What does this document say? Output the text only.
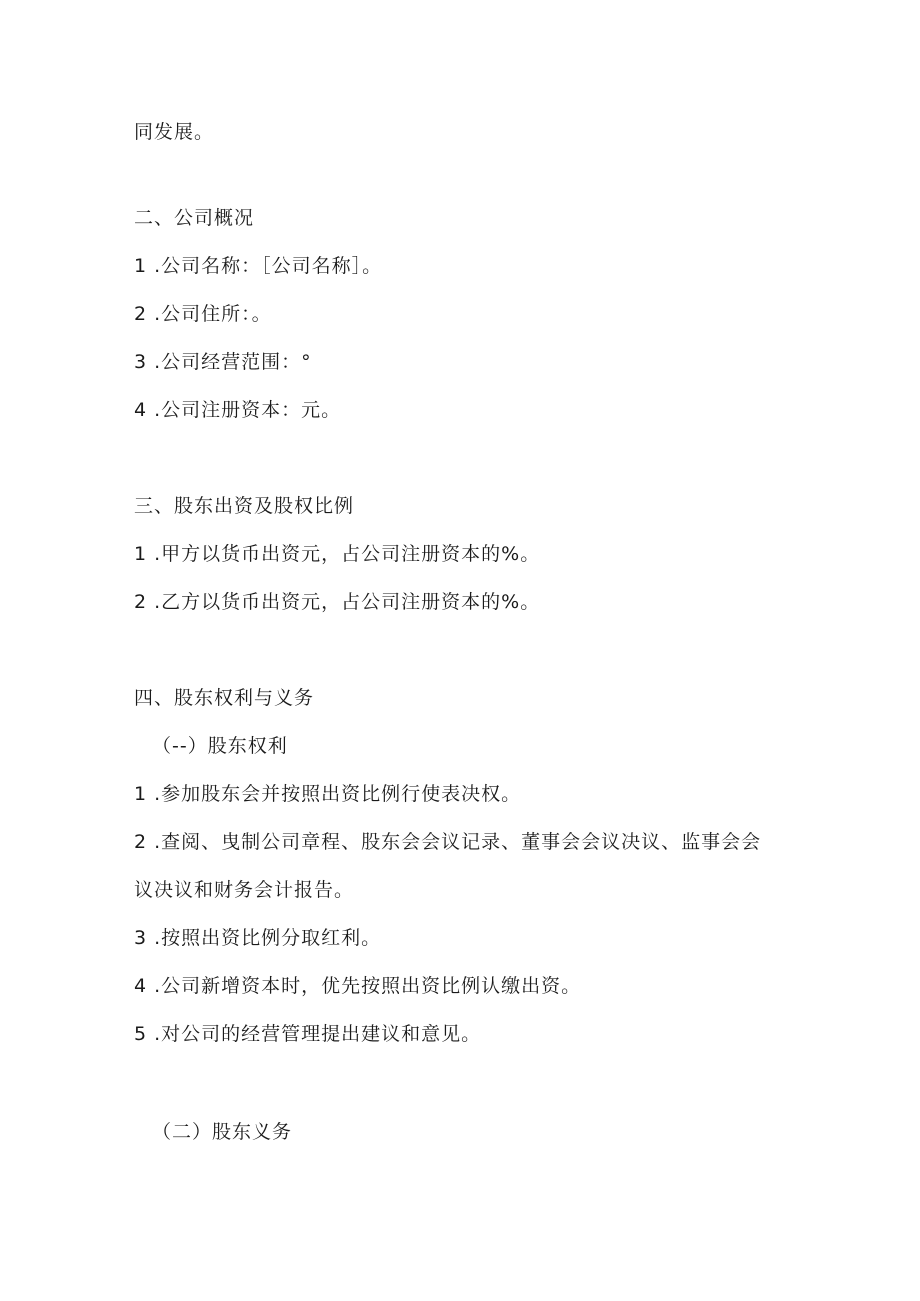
同发展。
二、公司概况
1 .公司名称：［公司名称］。
2 .公司住所：。
3 .公司经营范围：°
4 .公司注册资本：元。
三、股东出资及股权比例
1 .甲方以货币出资元，占公司注册资本的%。
2 .乙方以货币出资元，占公司注册资本的%。
四、股东权利与义务
（--）股东权利
1 .参加股东会并按照出资比例行使表决权。
2 .查阅、曳制公司章程、股东会会议记录、董事会会议决议、监事会会
议决议和财务会计报告。
3 .按照出资比例分取红利。
4 .公司新增资本时，优先按照出资比例认缴出资。
5 .对公司的经营管理提出建议和意见。
（二）股东义务
